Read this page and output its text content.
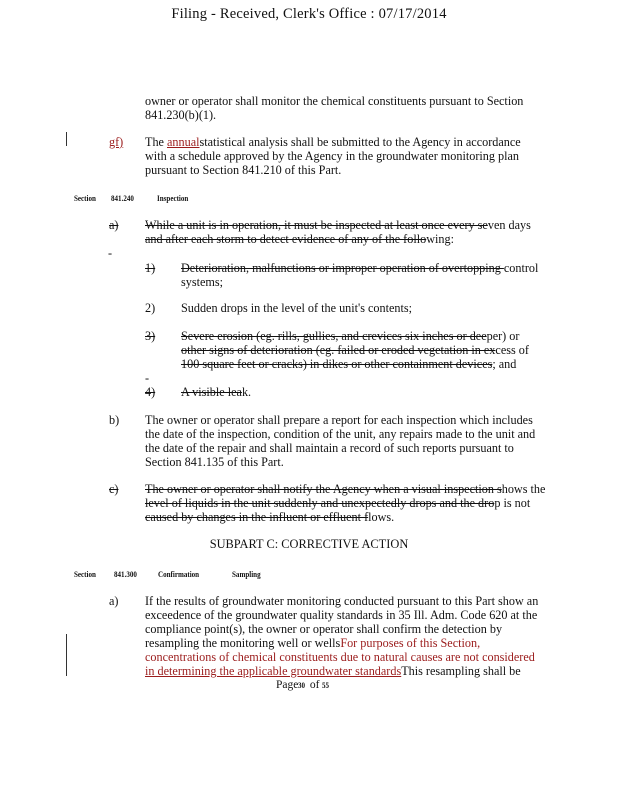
Filing - Received, Clerk's Office : 07/17/2014
owner or operator shall monitor the chemical constituents pursuant to Section
841.230(b)(1).
gf) The annualstatistical analysis shall be submitted to the Agency in accordance
with a schedule approved by the Agency in the groundwater monitoring plan
pursuant to Section 841.210 of this Part.
Section 841.240	Inspection
a) While a unit is in operation, it must be inspected at least once every seven days
and after each storm to detect evidence of any of the following:
-
1) Deterioration, malfunctions or improper operation of overtopping control
systems;
2) Sudden drops in the level of the unit's contents;
3) Severe erosion (eg. rills, gullies, and crevices six inches or deeper) or
other signs of deterioration (eg. failed or eroded vegetation in excess of
100 square feet or cracks) in dikes or other containment devices; and
-
4) A visible leak.
b) The owner or operator shall prepare a report for each inspection which includes
the date of the inspection, condition of the unit, any repairs made to the unit and
the date of the repair and shall maintain a record of such reports pursuant to
Section 841.135 of this Part.
c) The owner or operator shall notify the Agency when a visual inspection shows the
level of liquids in the unit suddenly and unexpectedly drops and the drop is not
caused by changes in the influent or effluent flows.
SUBPART C: CORRECTIVE ACTION
Section 841.300 Confirmation	Sampling
a) If the results of groundwater monitoring conducted pursuant to this Part show an
exceedence of the groundwater quality standards in 35 Ill. Adm. Code 620 at the
compliance point(s), the owner or operator shall confirm the detection by
resampling the monitoring well or wellsFor purposes of this Section,
concentrations of chemical constituents due to natural causes are not considered
in determining the applicable groundwater standardsThis resampling shall be
Page30 of 55
